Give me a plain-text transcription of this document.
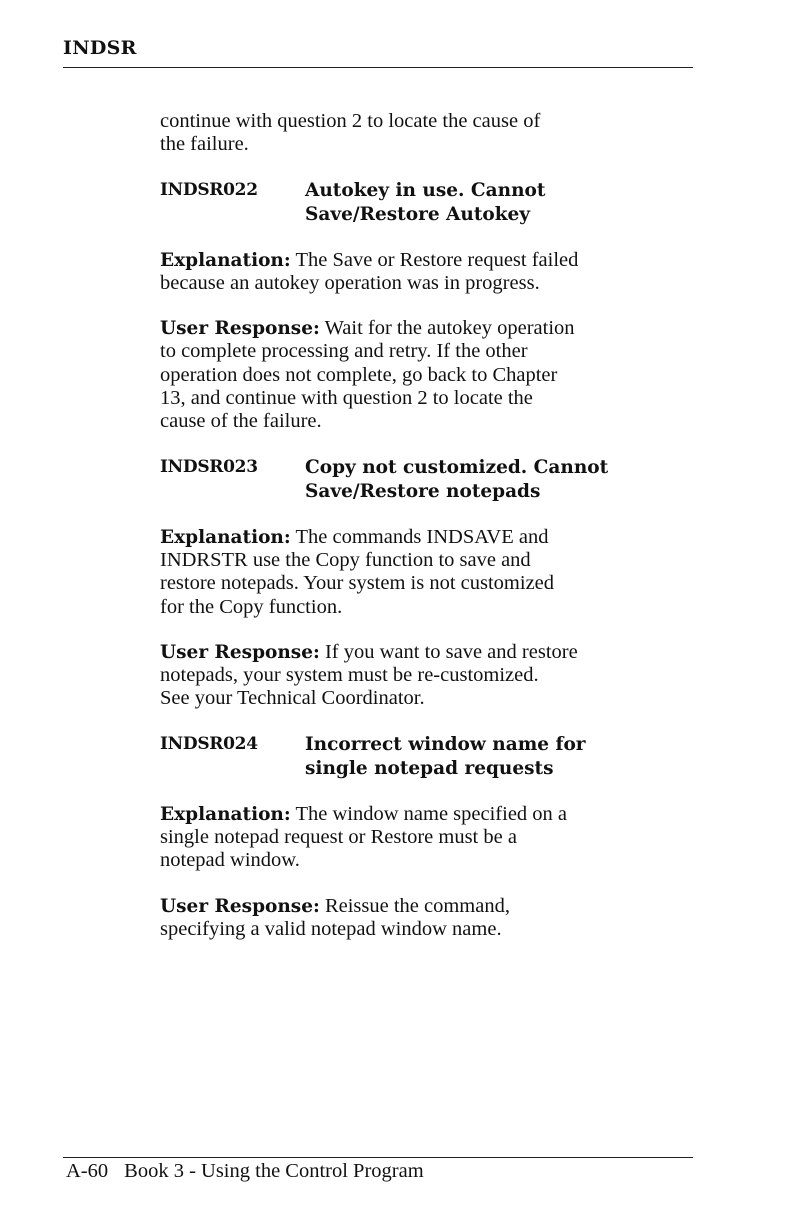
INDSR

continue with question 2 to locate the cause of
the failure.

INDSR022	Autokey in use. Cannot
Save/Restore Autokey
Explanation: The Save or Restore request failed
because an autokey operation was in progress.
User Response: Wait for the autokey operation
to complete processing and retry. If the other
operation does not complete, go back to Chapter
13, and continue with question 2 to locate the
cause of the failure.
INDSR023	Copy not customized. Cannot
Save/Restore notepads
Explanation: The commands INDSAVE and
INDRSTR use the Copy function to save and
restore notepads. Your system is not customized
for the Copy function.
User Response: If you want to save and restore
notepads, your system must be re-customized.
See your Technical Coordinator.
INDSR024	Incorrect window name for
single notepad requests
Explanation: The window name specified on a
single notepad request or Restore must be a
notepad window.
User Response: Reissue the command,
specifying a valid notepad window name.
A-60 Book 3 - Using the Control Program
